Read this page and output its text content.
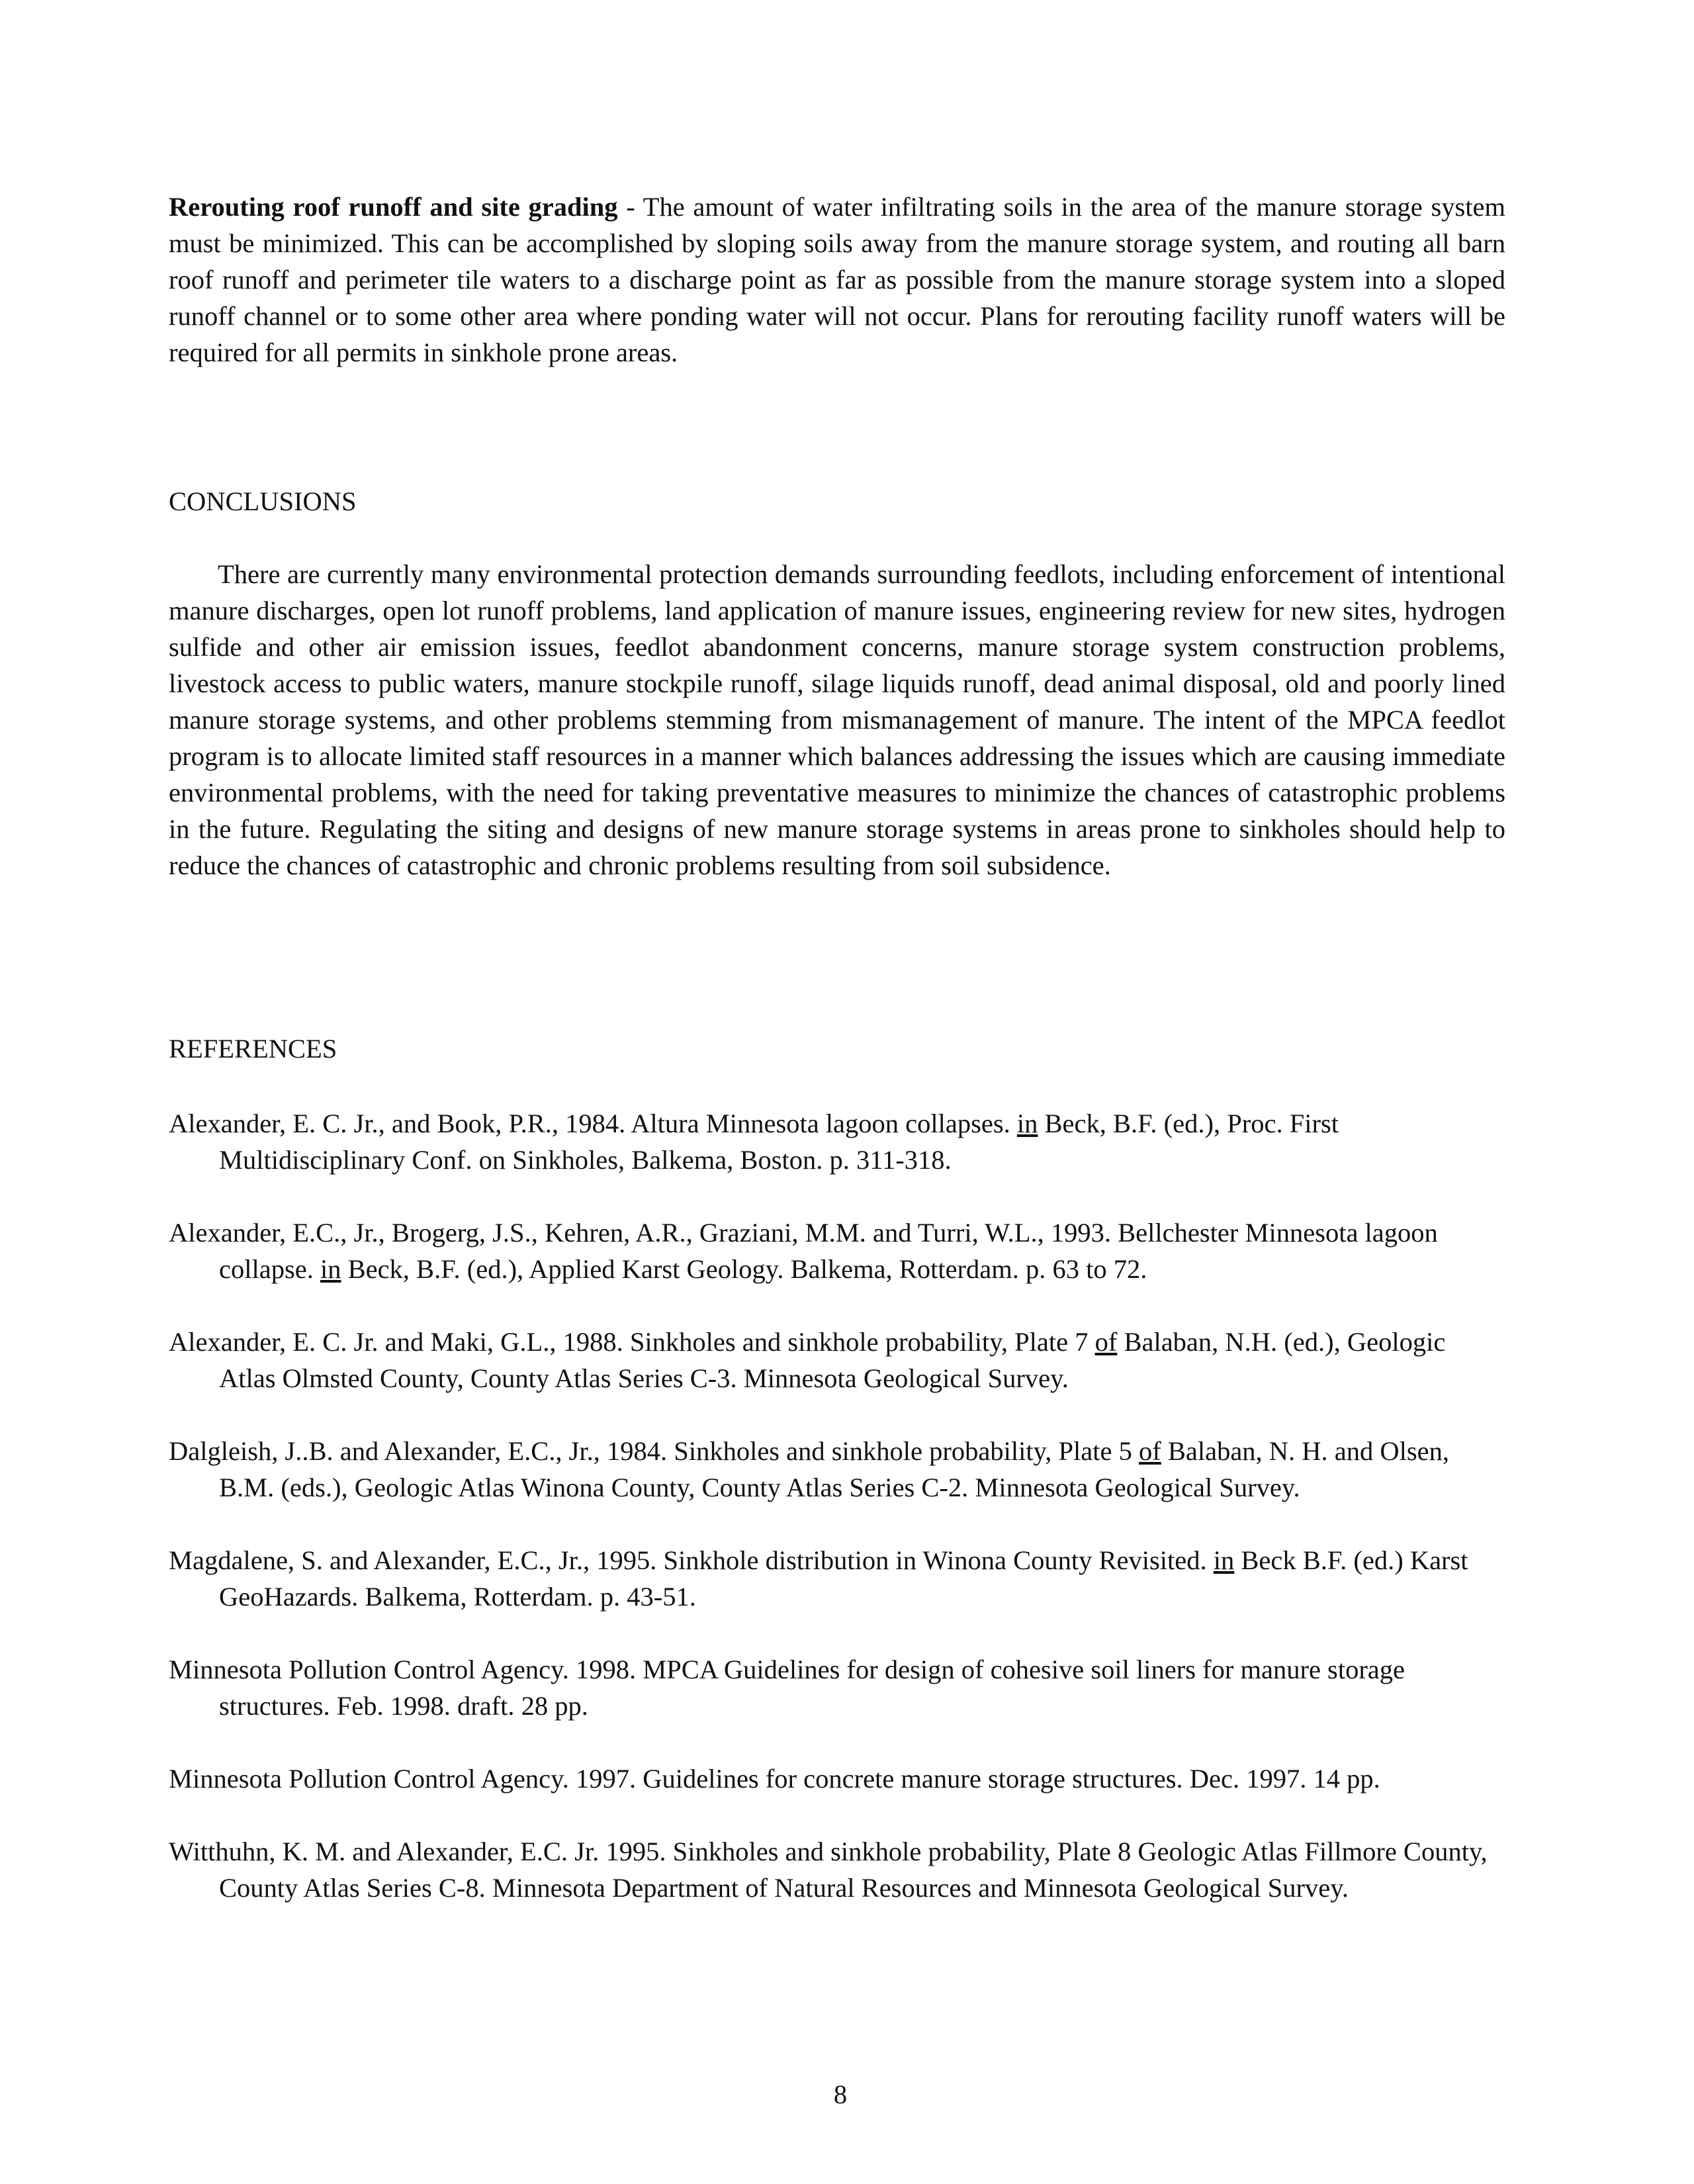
Rerouting roof runoff and site grading - The amount of water infiltrating soils in the area of the manure storage system must be minimized. This can be accomplished by sloping soils away from the manure storage system, and routing all barn roof runoff and perimeter tile waters to a discharge point as far as possible from the manure storage system into a sloped runoff channel or to some other area where ponding water will not occur. Plans for rerouting facility runoff waters will be required for all permits in sinkhole prone areas.

CONCLUSIONS

There are currently many environmental protection demands surrounding feedlots, including enforcement of intentional manure discharges, open lot runoff problems, land application of manure issues, engineering review for new sites, hydrogen sulfide and other air emission issues, feedlot abandonment concerns, manure storage system construction problems, livestock access to public waters, manure stockpile runoff, silage liquids runoff, dead animal disposal, old and poorly lined manure storage systems, and other problems stemming from mismanagement of manure. The intent of the MPCA feedlot program is to allocate limited staff resources in a manner which balances addressing the issues which are causing immediate environmental problems, with the need for taking preventative measures to minimize the chances of catastrophic problems in the future. Regulating the siting and designs of new manure storage systems in areas prone to sinkholes should help to reduce the chances of catastrophic and chronic problems resulting from soil subsidence.

REFERENCES

Alexander, E. C. Jr., and Book, P.R., 1984. Altura Minnesota lagoon collapses. in Beck, B.F. (ed.), Proc. First Multidisciplinary Conf. on Sinkholes, Balkema, Boston. p. 311-318.

Alexander, E.C., Jr., Brogerg, J.S., Kehren, A.R., Graziani, M.M. and Turri, W.L., 1993. Bellchester Minnesota lagoon collapse. in Beck, B.F. (ed.), Applied Karst Geology. Balkema, Rotterdam. p. 63 to 72.

Alexander, E. C. Jr. and Maki, G.L., 1988. Sinkholes and sinkhole probability, Plate 7 of Balaban, N.H. (ed.), Geologic Atlas Olmsted County, County Atlas Series C-3. Minnesota Geological Survey.

Dalgleish, J..B. and Alexander, E.C., Jr., 1984. Sinkholes and sinkhole probability, Plate 5 of Balaban, N. H. and Olsen, B.M. (eds.), Geologic Atlas Winona County, County Atlas Series C-2. Minnesota Geological Survey.

Magdalene, S. and Alexander, E.C., Jr., 1995. Sinkhole distribution in Winona County Revisited. in Beck B.F. (ed.) Karst GeoHazards. Balkema, Rotterdam. p. 43-51.

Minnesota Pollution Control Agency. 1998. MPCA Guidelines for design of cohesive soil liners for manure storage structures. Feb. 1998. draft. 28 pp.

Minnesota Pollution Control Agency. 1997. Guidelines for concrete manure storage structures. Dec. 1997. 14 pp.

Witthuhn, K. M. and Alexander, E.C. Jr. 1995. Sinkholes and sinkhole probability, Plate 8 Geologic Atlas Fillmore County, County Atlas Series C-8. Minnesota Department of Natural Resources and Minnesota Geological Survey.

8
